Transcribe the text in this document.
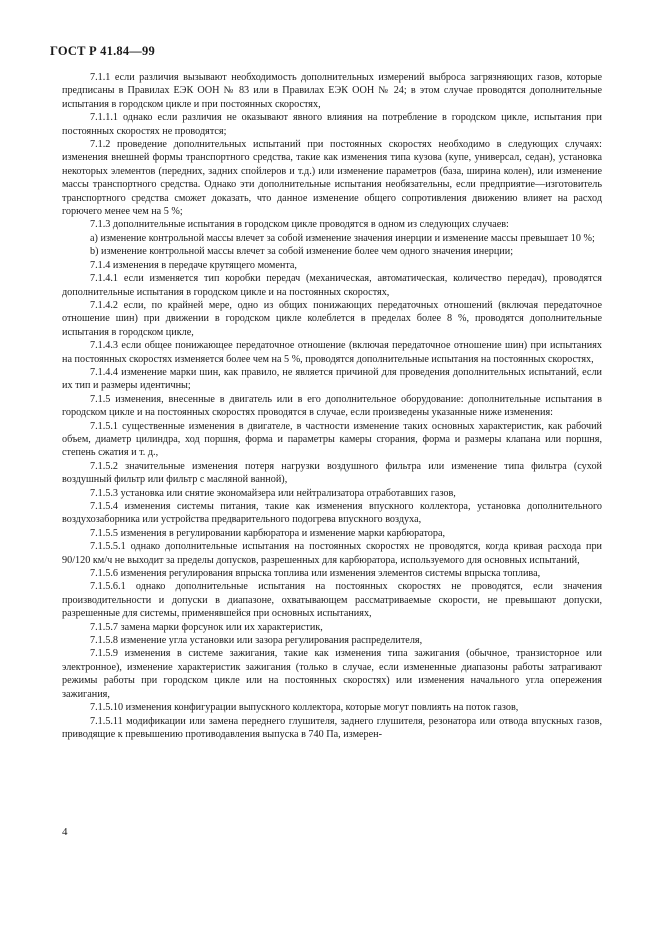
ГОСТ Р 41.84—99

7.1.1 если различия вызывают необходимость дополнительных измерений выброса загрязняющих газов, которые предписаны в Правилах ЕЭК ООН № 83 или в Правилах ЕЭК ООН № 24; в этом случае проводятся дополнительные испытания в городском цикле и при постоянных скоростях,

7.1.1.1 однако если различия не оказывают явного влияния на потребление в городском цикле, испытания при постоянных скоростях не проводятся;

7.1.2 проведение дополнительных испытаний при постоянных скоростях необходимо в следующих случаях: изменения внешней формы транспортного средства, такие как изменения типа кузова (купе, универсал, седан), установка некоторых элементов (передних, задних спойлеров и т.д.) или изменение параметров (база, ширина колен), или изменение массы транспортного средства. Однако эти дополнительные испытания необязательны, если предприятие—изготовитель транспортного средства сможет доказать, что данное изменение общего сопротивления движению влияет на расход горючего менее чем на 5 %;

7.1.3 дополнительные испытания в городском цикле проводятся в одном из следующих случаев:

а) изменение контрольной массы влечет за собой изменение значения инерции и изменение массы превышает 10 %;

b) изменение контрольной массы влечет за собой изменение более чем одного значения инерции;

7.1.4 изменения в передаче крутящего момента,

7.1.4.1 если изменяется тип коробки передач (механическая, автоматическая, количество передач), проводятся дополнительные испытания в городском цикле и на постоянных скоростях,

7.1.4.2 если, по крайней мере, одно из общих понижающих передаточных отношений (включая передаточное отношение шин) при движении в городском цикле колеблется в пределах более 8 %, проводятся дополнительные испытания в городском цикле,

7.1.4.3 если общее понижающее передаточное отношение (включая передаточное отношение шин) при испытаниях на постоянных скоростях изменяется более чем на 5 %, проводятся дополнительные испытания на постоянных скоростях,

7.1.4.4 изменение марки шин, как правило, не является причиной для проведения дополнительных испытаний, если их тип и размеры идентичны;

7.1.5 изменения, внесенные в двигатель или в его дополнительное оборудование: дополнительные испытания в городском цикле и на постоянных скоростях проводятся в случае, если произведены указанные ниже изменения:

7.1.5.1 существенные изменения в двигателе, в частности изменение таких основных характеристик, как рабочий объем, диаметр цилиндра, ход поршня, форма и параметры камеры сгорания, форма и размеры клапана или поршня, степень сжатия и т. д.,

7.1.5.2 значительные изменения потеря нагрузки воздушного фильтра или изменение типа фильтра (сухой воздушный фильтр или фильтр с масляной ванной),

7.1.5.3 установка или снятие экономайзера или нейтрализатора отработавших газов,

7.1.5.4 изменения системы питания, такие как изменения впускного коллектора, установка дополнительного воздухозаборника или устройства предварительного подогрева впускного воздуха,

7.1.5.5 изменения в регулировании карбюратора и изменение марки карбюратора,

7.1.5.5.1 однако дополнительные испытания на постоянных скоростях не проводятся, когда кривая расхода при 90/120 км/ч не выходит за пределы допусков, разрешенных для карбюратора, используемого для основных испытаний,

7.1.5.6 изменения регулирования впрыска топлива или изменения элементов системы впрыска топлива,

7.1.5.6.1 однако дополнительные испытания на постоянных скоростях не проводятся, если значения производительности и допуски в диапазоне, охватывающем рассматриваемые скорости, не превышают допуски, разрешенные для системы, применявшейся при основных испытаниях,

7.1.5.7 замена марки форсунок или их характеристик,

7.1.5.8 изменение угла установки или зазора регулирования распределителя,

7.1.5.9 изменения в системе зажигания, такие как изменения типа зажигания (обычное, транзисторное или электронное), изменение характеристик зажигания (только в случае, если измененные диапазоны работы затрагивают режимы работы при городском цикле или на постоянных скоростях) или изменения начального угла опережения зажигания,

7.1.5.10 изменения конфигурации выпускного коллектора, которые могут повлиять на поток газов,

7.1.5.11 модификации или замена переднего глушителя, заднего глушителя, резонатора или отвода впускных газов, приводящие к превышению противодавления выпуска в 740 Па, измерен-

4
